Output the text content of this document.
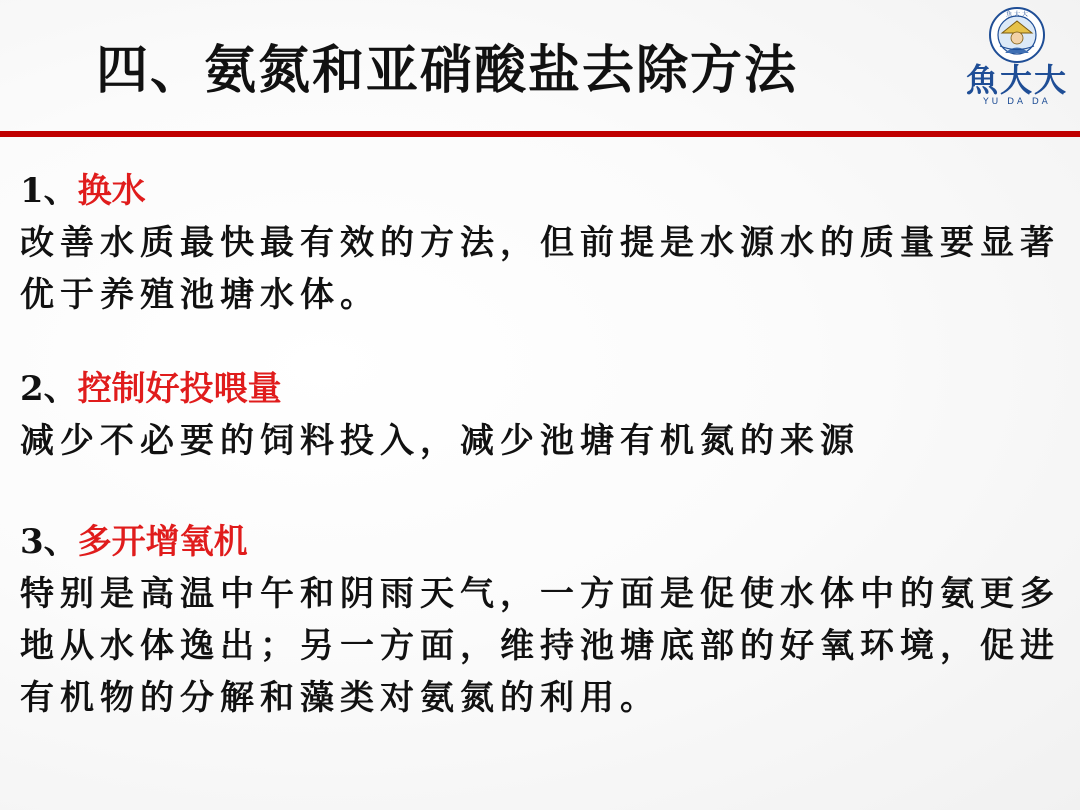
四、氨氮和亚硝酸盐去除方法
魚 大 大
魚大大
YU DA DA
1、换水

改善水质最快最有效的方法，但前提是水源水的质量要显著优于养殖池塘水体。

2、控制好投喂量

减少不必要的饲料投入，减少池塘有机氮的来源

3、多开增氧机

特别是高温中午和阴雨天气，一方面是促使水体中的氨更多地从水体逸出；另一方面，维持池塘底部的好氧环境，促进有机物的分解和藻类对氨氮的利用。
